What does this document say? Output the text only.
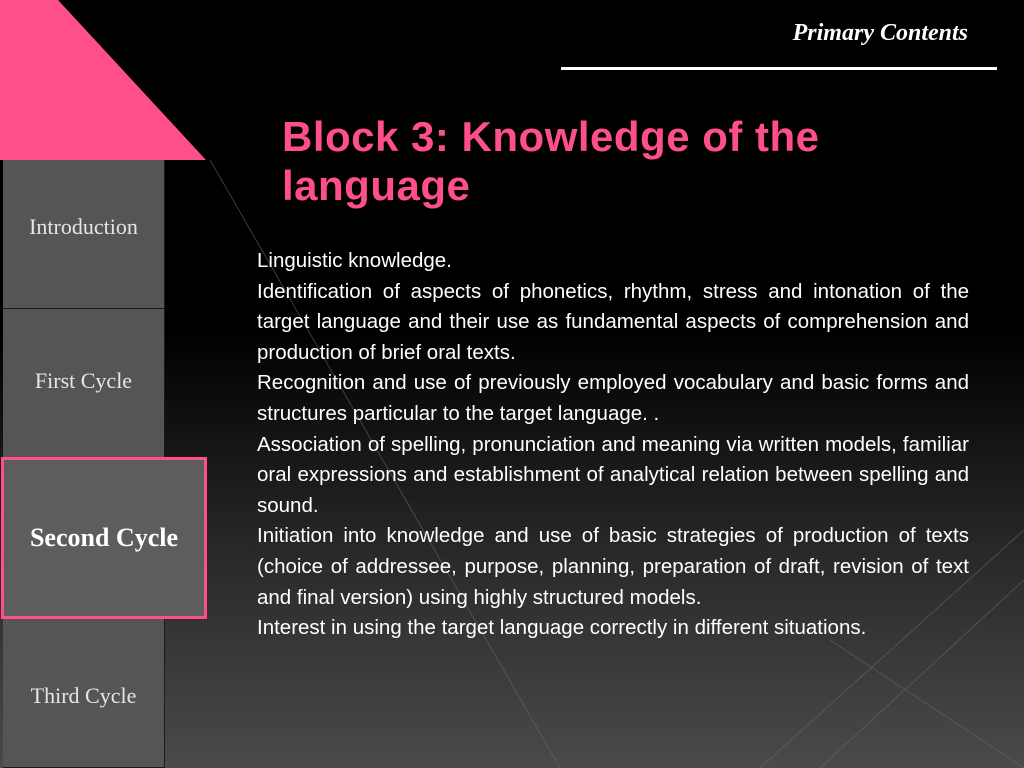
Primary Contents
Block 3: Knowledge of the language

Linguistic knowledge.

Identification of aspects of phonetics, rhythm, stress and intonation of the target language and their use as fundamental aspects of comprehension and production of brief oral texts.

Recognition and use of previously employed vocabulary and basic forms and structures particular to the target language. .

Association of spelling, pronunciation and meaning via written models, familiar oral expressions and establishment of analytical relation between spelling and sound.

Initiation into knowledge and use of basic strategies of production of texts (choice of addressee, purpose, planning, preparation of draft, revision of text and final version) using highly structured models.

Interest in using the target language correctly in different situations.

Introduction
First Cycle
Second Cycle
Third Cycle
